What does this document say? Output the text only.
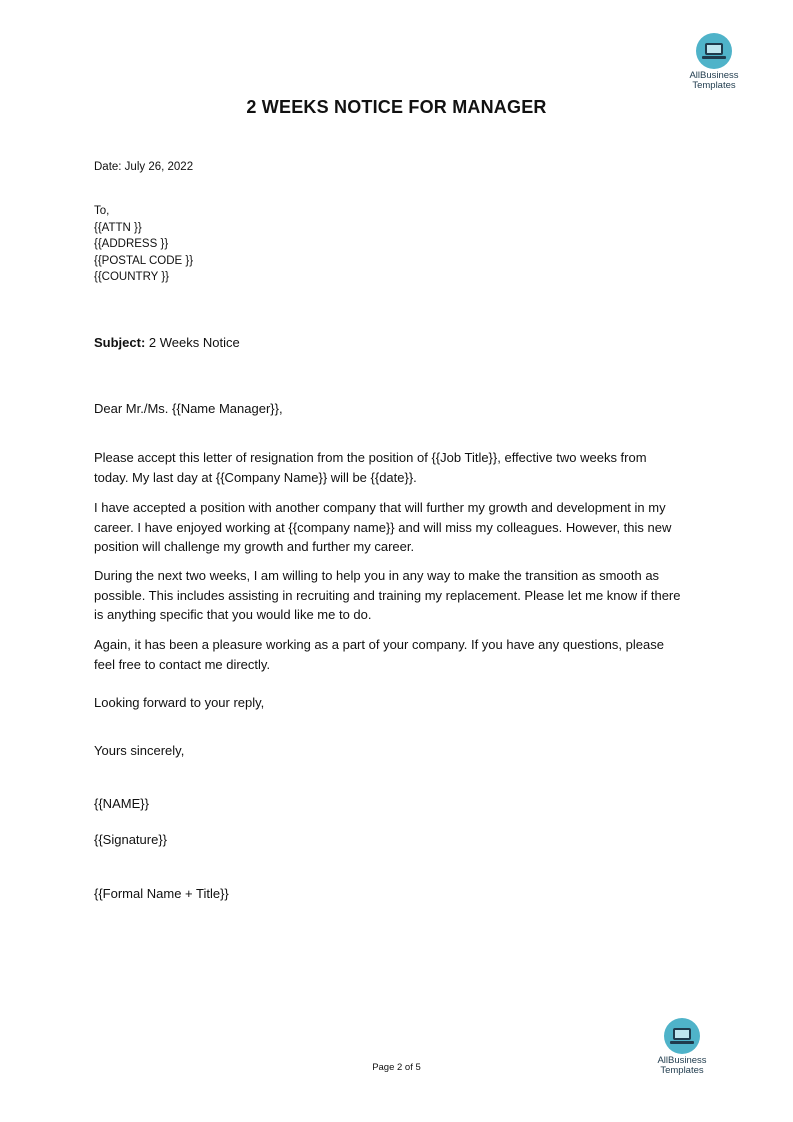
AllBusiness
Templates
2 WEEKS NOTICE FOR MANAGER
Date: July 26, 2022
To,
{{ATTN }}
{{ADDRESS }}
{{POSTAL CODE }}
{{COUNTRY }}
Subject: 2 Weeks Notice
Dear Mr./Ms. {{Name Manager}},
Please accept this letter of resignation from the position of {{Job Title}}, effective two weeks from
today. My last day at {{Company Name}} will be {{date}}.
I have accepted a position with another company that will further my growth and development in my
career. I have enjoyed working at {{company name}} and will miss my colleagues. However, this new
position will challenge my growth and further my career.
During the next two weeks, I am willing to help you in any way to make the transition as smooth as
possible. This includes assisting in recruiting and training my replacement. Please let me know if there
is anything specific that you would like me to do.
Again, it has been a pleasure working as a part of your company. If you have any questions, please
feel free to contact me directly.
Looking forward to your reply,
Yours sincerely,
{{NAME}}
{{Signature}}
{{Formal Name + Title}}
AllBusiness
Templates
Page 2 of 5
